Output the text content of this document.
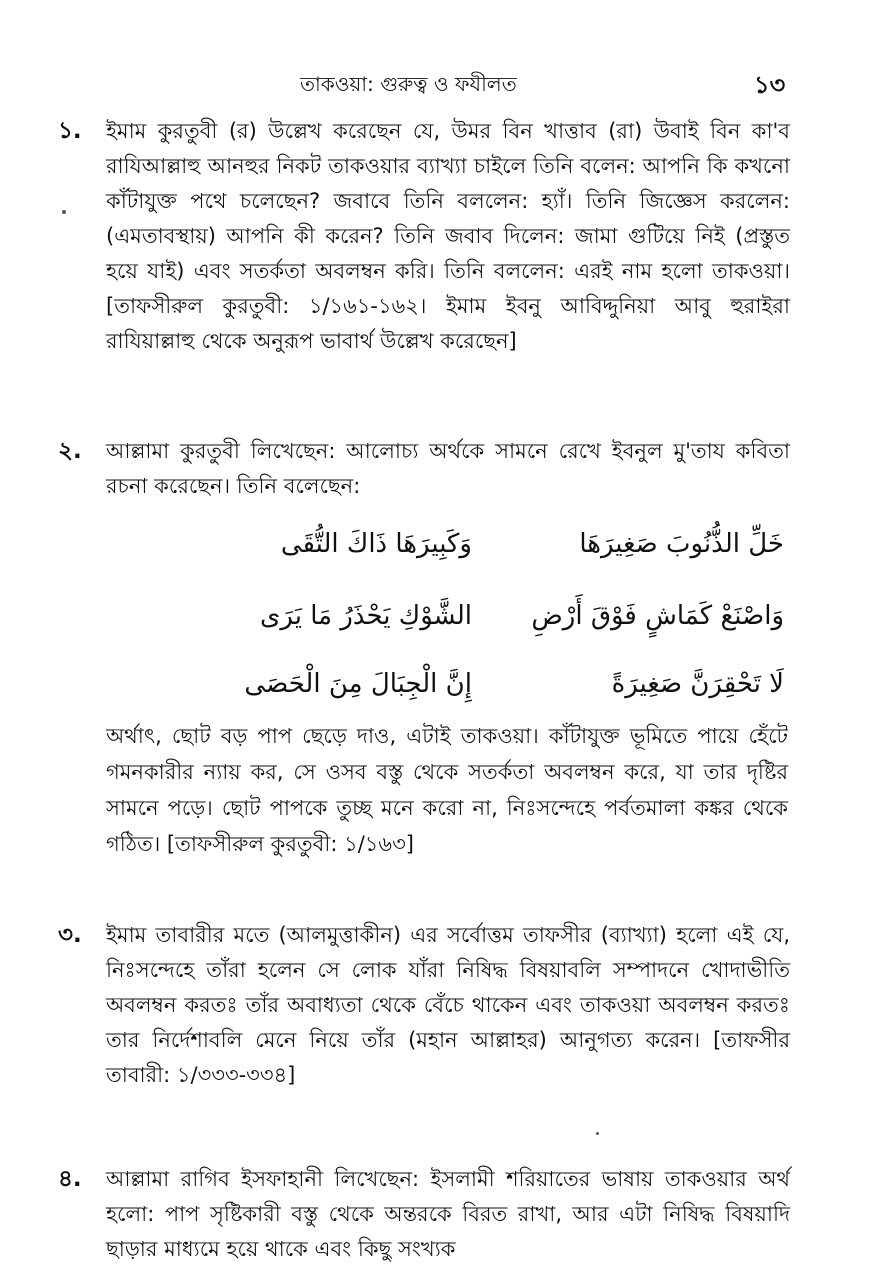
তাকওয়া: গুরুত্ব ও ফযীলত	১৩
১. ইমাম কুরতুবী (র) উল্লেখ করেছেন যে, উমর বিন খাত্তাব (রা) উবাই বিন কা'ব রাযিআল্লাহু আনহুর নিকট তাকওয়ার ব্যাখ্যা চাইলে তিনি বলেন: আপনি কি কখনো কাঁটাযুক্ত পথে চলেছেন? জবাবে তিনি বললেন: হ্যাঁ। তিনি জিজ্ঞেস করলেন: (এমতাবস্থায়) আপনি কী করেন? তিনি জবাব দিলেন: জামা গুটিয়ে নিই (প্রস্তুত হয়ে যাই) এবং সতর্কতা অবলম্বন করি। তিনি বললেন: এরই নাম হলো তাকওয়া। [তাফসীরুল কুরতুবী: ১/১৬১-১৬২। ইমাম ইবনু আবিদ্দুনিয়া আবু হুরাইরা রাযিয়াল্লাহু থেকে অনুরূপ ভাবার্থ উল্লেখ করেছেন]
২. আল্লামা কুরতুবী লিখেছেন: আলোচ্য অর্থকে সামনে রেখে ইবনুল মু'তায কবিতা রচনা করেছেন। তিনি বলেছেন:
خَلِّ الذُّنُوبَ صَغِيرَهَا
وَكَبِيرَهَا ذَاكَ التُّقَى
وَاصْنَعْ كَمَاشٍ فَوْقَ أَرْضِ
الشَّوْكِ يَحْذَرُ مَا يَرَى
لَا تَحْقِرَنَّ صَغِيرَةً
إِنَّ الْجِبَالَ مِنَ الْحَصَى
অর্থাৎ, ছোট বড় পাপ ছেড়ে দাও, এটাই তাকওয়া। কাঁটাযুক্ত ভূমিতে পায়ে হেঁটে গমনকারীর ন্যায় কর, সে ওসব বস্তু থেকে সতর্কতা অবলম্বন করে, যা তার দৃষ্টির সামনে পড়ে। ছোট পাপকে তুচ্ছ মনে করো না, নিঃসন্দেহে পর্বতমালা কঙ্কর থেকে গঠিত। [তাফসীরুল কুরতুবী: ১/১৬৩]
৩. ইমাম তাবারীর মতে (আলমুত্তাকীন) এর সর্বোত্তম তাফসীর (ব্যাখ্যা) হলো এই যে, নিঃসন্দেহে তাঁরা হলেন সে লোক যাঁরা নিষিদ্ধ বিষয়াবলি সম্পাদনে খোদাভীতি অবলম্বন করতঃ তাঁর অবাধ্যতা থেকে বেঁচে থাকেন এবং তাকওয়া অবলম্বন করতঃ তার নির্দেশাবলি মেনে নিয়ে তাঁর (মহান আল্লাহর) আনুগত্য করেন। [তাফসীর তাবারী: ১/৩৩৩-৩৩৪]
৪. আল্লামা রাগিব ইসফাহানী লিখেছেন: ইসলামী শরিয়াতের ভাষায় তাকওয়ার অর্থ হলো: পাপ সৃষ্টিকারী বস্তু থেকে অন্তরকে বিরত রাখা, আর এটা নিষিদ্ধ বিষয়াদি ছাড়ার মাধ্যমে হয়ে থাকে এবং কিছু সংখ্যক
